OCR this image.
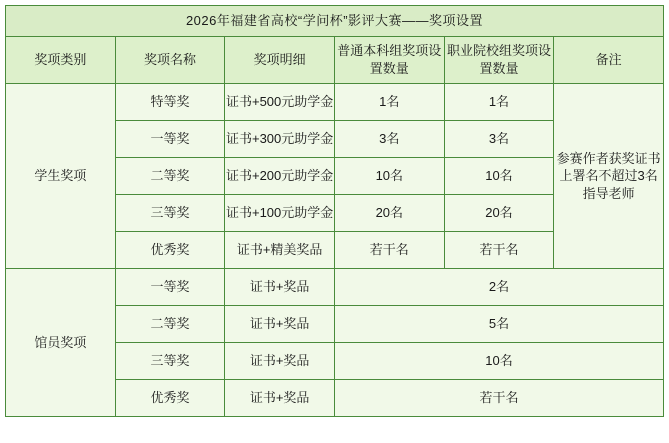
2026年福建省高校“学问杯”影评大赛——奖项设置					
奖项类别	奖项名称	奖项明细	普通本科组奖项设置数量	职业院校组奖项设置数量	备注
学生奖项	特等奖	证书+500元助学金	1名	1名	参赛作者获奖证书上署名不超过3名指导老师
	一等奖	证书+300元助学金	3名	3名	
	二等奖	证书+200元助学金	10名	10名	
	三等奖	证书+100元助学金	20名	20名	
	优秀奖	证书+精美奖品	若干名	若干名	
馆员奖项	一等奖	证书+奖品	2名		
	二等奖	证书+奖品	5名		
	三等奖	证书+奖品	10名		
	优秀奖	证书+奖品	若干名		
